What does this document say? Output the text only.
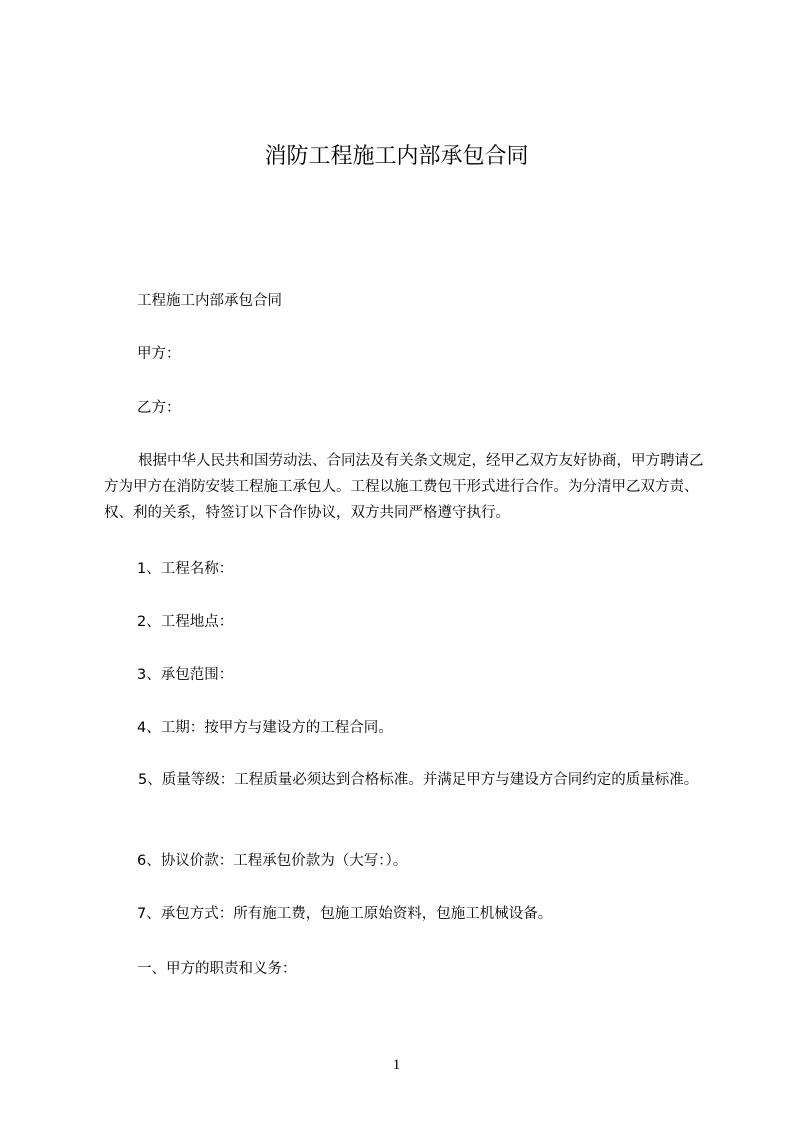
消防工程施工内部承包合同
工程施工内部承包合同
甲方：
乙方：
根据中华人民共和国劳动法、合同法及有关条文规定，经甲乙双方友好协商，甲方聘请乙方为甲方在消防安装工程施工承包人。工程以施工费包干形式进行合作。为分清甲乙双方责、权、利的关系，特签订以下合作协议，双方共同严格遵守执行。
1、工程名称：
2、工程地点：
3、承包范围：
4、工期：按甲方与建设方的工程合同。
5、质量等级：工程质量必须达到合格标准。并满足甲方与建设方合同约定的质量标准。
6、协议价款：工程承包价款为（大写：）。
7、承包方式：所有施工费，包施工原始资料，包施工机械设备。
一、甲方的职责和义务：
1
